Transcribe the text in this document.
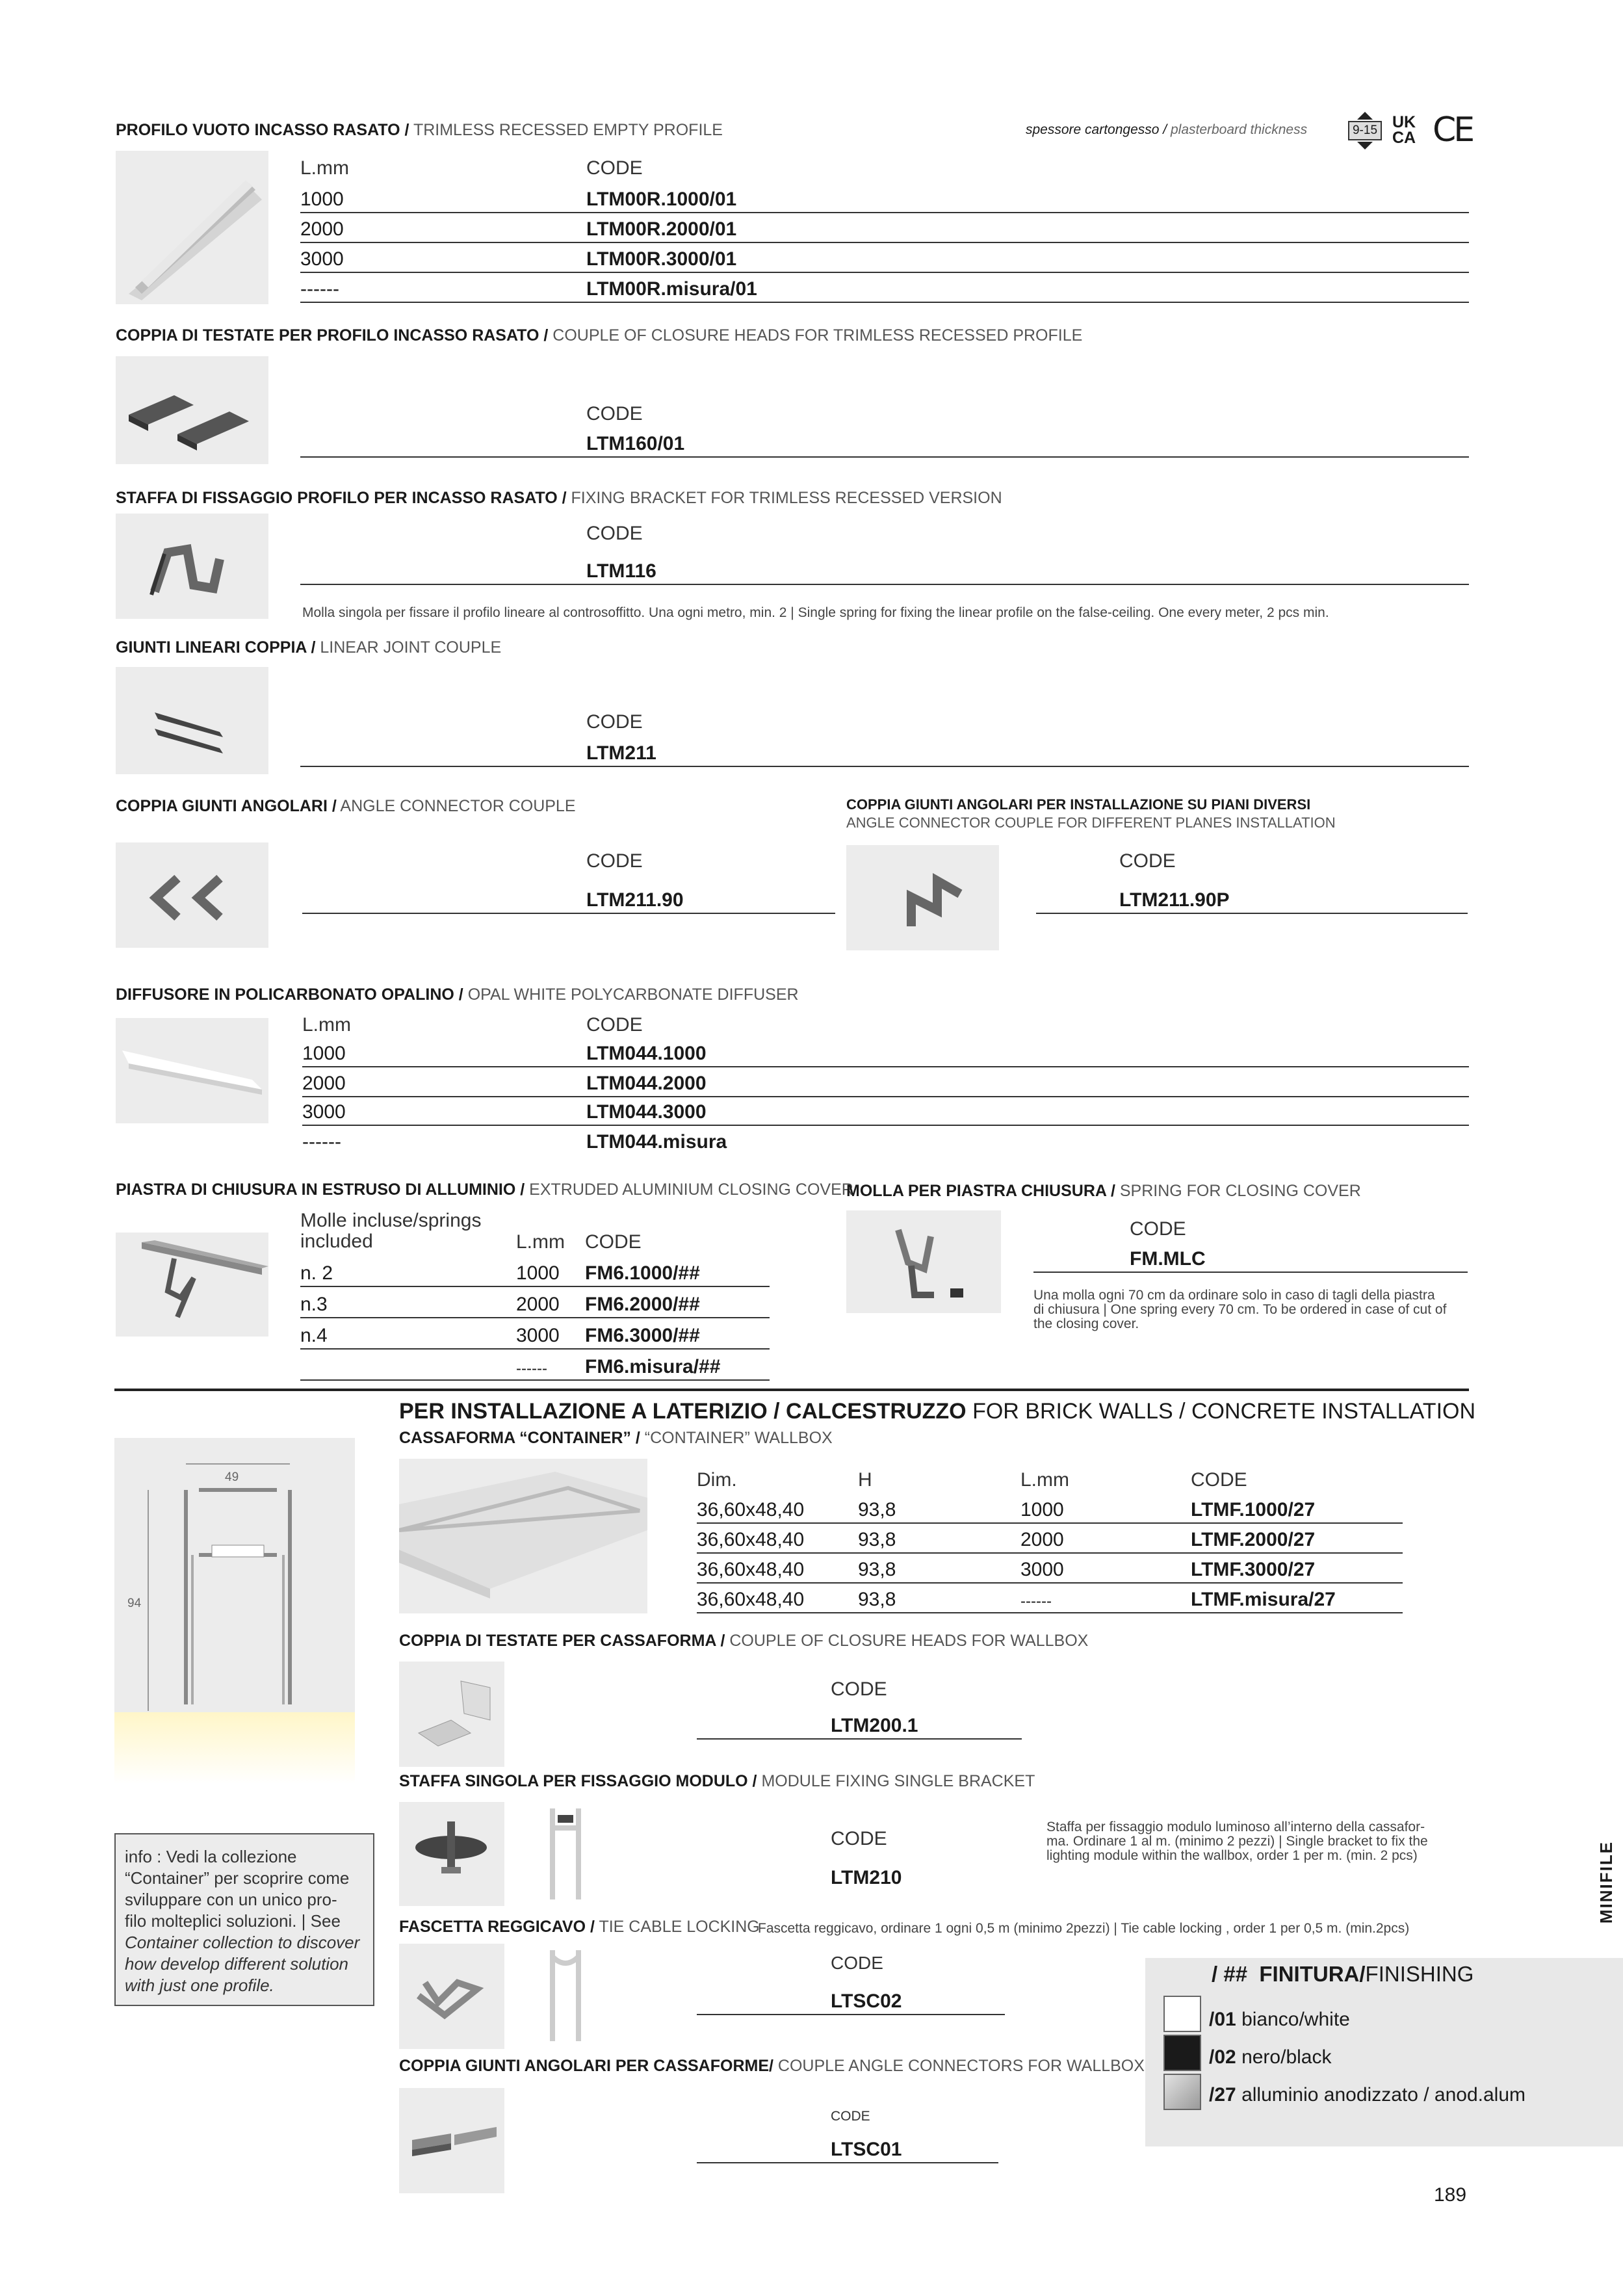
spessore cartongesso / plasterboard thickness	9-15 UK
CA CE
PROFILO VUOTO INCASSO RASATO / TRIMLESS RECESSED EMPTY PROFILE
L.mm	CODE
1000	LTM00R.1000/01
2000	LTM00R.2000/01
3000	LTM00R.3000/01
------	LTM00R.misura/01
COPPIA DI TESTATE PER PROFILO INCASSO RASATO / COUPLE OF CLOSURE HEADS FOR TRIMLESS RECESSED PROFILE
CODE
LTM160/01
STAFFA DI FISSAGGIO PROFILO PER INCASSO RASATO / FIXING BRACKET FOR TRIMLESS RECESSED VERSION
CODE
LTM116
Molla singola per fissare il profilo lineare al controsoffitto. Una ogni metro, min. 2 | Single spring for fixing the linear profile on the false-ceiling. One every meter, 2 pcs min.
GIUNTI LINEARI COPPIA / LINEAR JOINT COUPLE
CODE
LTM211
COPPIA GIUNTI ANGOLARI / ANGLE CONNECTOR COUPLE
CODE
LTM211.90
COPPIA GIUNTI ANGOLARI PER INSTALLAZIONE SU PIANI DIVERSI
ANGLE CONNECTOR COUPLE FOR DIFFERENT PLANES INSTALLATION
CODE
LTM211.90P
DIFFUSORE IN POLICARBONATO OPALINO / OPAL WHITE POLYCARBONATE DIFFUSER
L.mm	CODE
1000	LTM044.1000
2000	LTM044.2000
3000	LTM044.3000
------	LTM044.misura
PIASTRA DI CHIUSURA IN ESTRUSO DI ALLUMINIO / EXTRUDED ALUMINIUM CLOSING COVER
Molle incluse/springs
included	L.mm CODE
n. 2	1000 FM6.1000/##
n.3	2000 FM6.2000/##
n.4	3000 FM6.3000/##
------ FM6.misura/##
MOLLA PER PIASTRA CHIUSURA / SPRING FOR CLOSING COVER
CODE
FM.MLC
Una molla ogni 70 cm da ordinare solo in caso di tagli della piastra
di chiusura | One spring every 70 cm. To be ordered in case of cut of
the closing cover.
PER INSTALLAZIONE A LATERIZIO / CALCESTRUZZO FOR BRICK WALLS / CONCRETE INSTALLATION
49
94
CASSAFORMA “CONTAINER” / “CONTAINER” WALLBOX
Dim.	H	L.mm	CODE
36,60x48,40	93,8	1000	LTMF.1000/27
36,60x48,40	93,8	2000	LTMF.2000/27
36,60x48,40	93,8	3000	LTMF.3000/27
36,60x48,40	93,8	------	LTMF.misura/27
COPPIA DI TESTATE PER CASSAFORMA / COUPLE OF CLOSURE HEADS FOR WALLBOX
CODE
LTM200.1
STAFFA SINGOLA PER FISSAGGIO MODULO / MODULE FIXING SINGLE BRACKET
CODE
LTM210
Staffa per fissaggio modulo luminoso all’interno della cassafor-
ma. Ordinare 1 al m. (minimo 2 pezzi) | Single bracket to fix the
lighting module within the wallbox, order 1 per m. (min. 2 pcs)
FASCETTA REGGICAVO / TIE CABLE LOCKING
Fascetta reggicavo, ordinare 1 ogni 0,5 m (minimo 2pezzi) | Tie cable locking , order 1 per 0,5 m. (min.2pcs)
CODE
LTSC02
COPPIA GIUNTI ANGOLARI PER CASSAFORME/ COUPLE ANGLE CONNECTORS FOR WALLBOX
CODE
LTSC01
info : Vedi la collezione
“Container” per scoprire come
sviluppare con un unico pro-
filo molteplici soluzioni. | See
Container collection to discover
how develop different solution
with just one profile.
MINIFILE
/ ## FINITURA/FINISHING
/01 bianco/white
/02 nero/black
/27 alluminio anodizzato / anod.alum
189
